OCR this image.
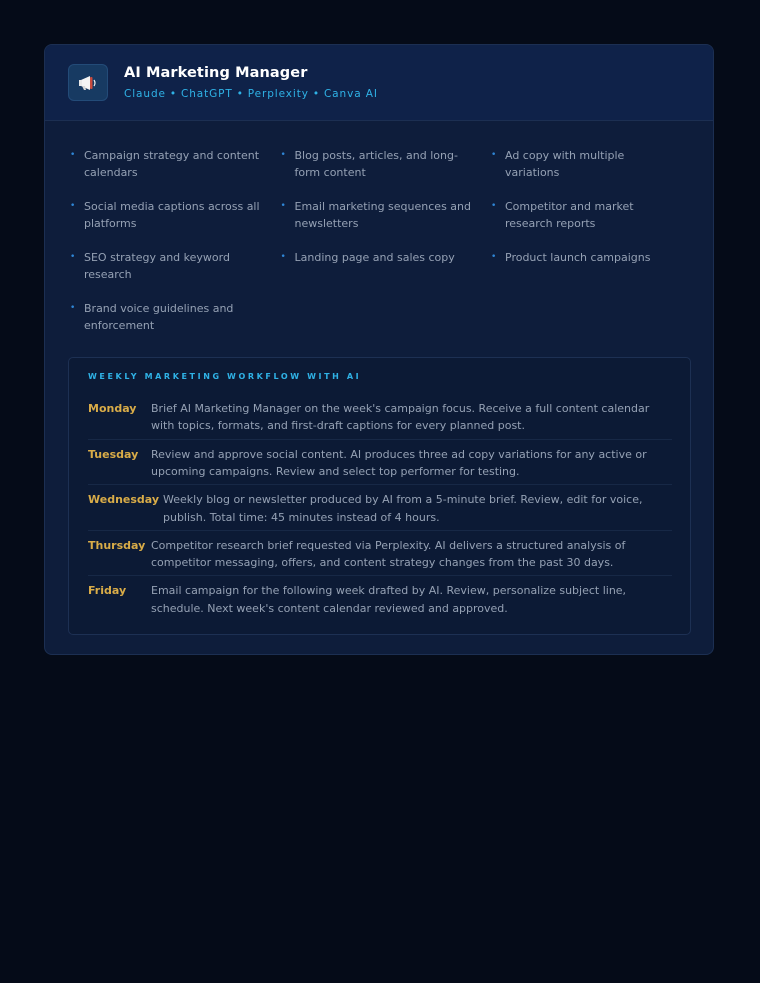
AI Marketing Manager
Claude • ChatGPT • Perplexity • Canva AI
• Campaign strategy and content calendars
• Blog posts, articles, and long-form content
• Ad copy with multiple variations
• Social media captions across all platforms
• Email marketing sequences and newsletters
• Competitor and market research reports
• SEO strategy and keyword research
• Landing page and sales copy	• Product launch campaigns
• Brand voice guidelines and enforcement
WEEKLY MARKETING WORKFLOW WITH AI
Monday	Brief AI Marketing Manager on the week's campaign focus. Receive a full content calendar with topics, formats, and first-draft captions for every planned post.
Tuesday	Review and approve social content. AI produces three ad copy variations for any active or upcoming campaigns. Review and select top performer for testing.
Wednesday Weekly blog or newsletter produced by AI from a 5-minute brief. Review, edit for voice, publish. Total time: 45 minutes instead of 4 hours.
Thursday Competitor research brief requested via Perplexity. AI delivers a structured analysis of competitor messaging, offers, and content strategy changes from the past 30 days.
Friday	Email campaign for the following week drafted by AI. Review, personalize subject line, schedule. Next week's content calendar reviewed and approved.
